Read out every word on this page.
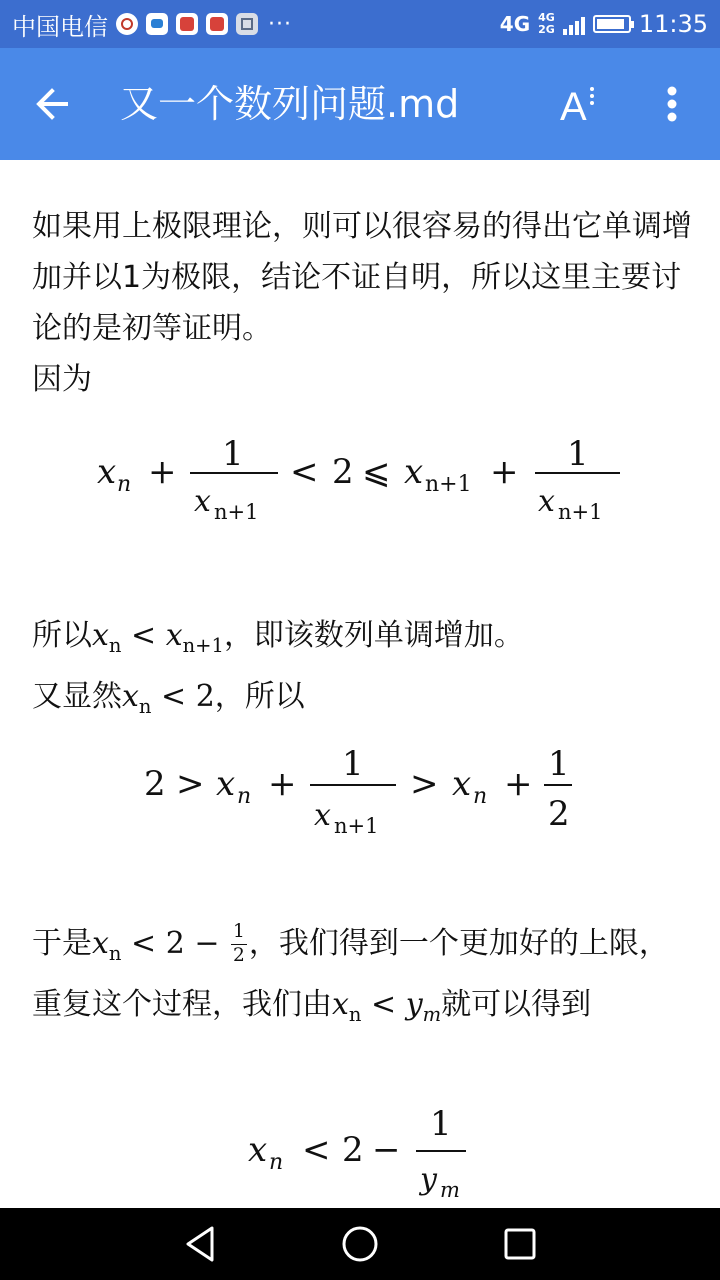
中国电信	···	4G 4G
2G	11:35
又一个数列问题.md	A

如果用上极限理论，则可以很容易的得出它单调增加并以1为极限，结论不证自明，所以这里主要讨论的是初等证明。

因为

x n + 1
x n+1
< 2 ⩽ x n+1 + 1
x n+1

所以$x_n < x_{n+1}$，即该数列单调增加。

又显然$x_n < 2$，所以

2 > x n + 1
x n+1
> x n + 1
2

于是$x_n < 2 - \frac{1}{2}$ ，我们得到一个更加好的上限，重复这个过程，我们由$x_n < y_m$就可以得到

x n < 2 −
1
y m
